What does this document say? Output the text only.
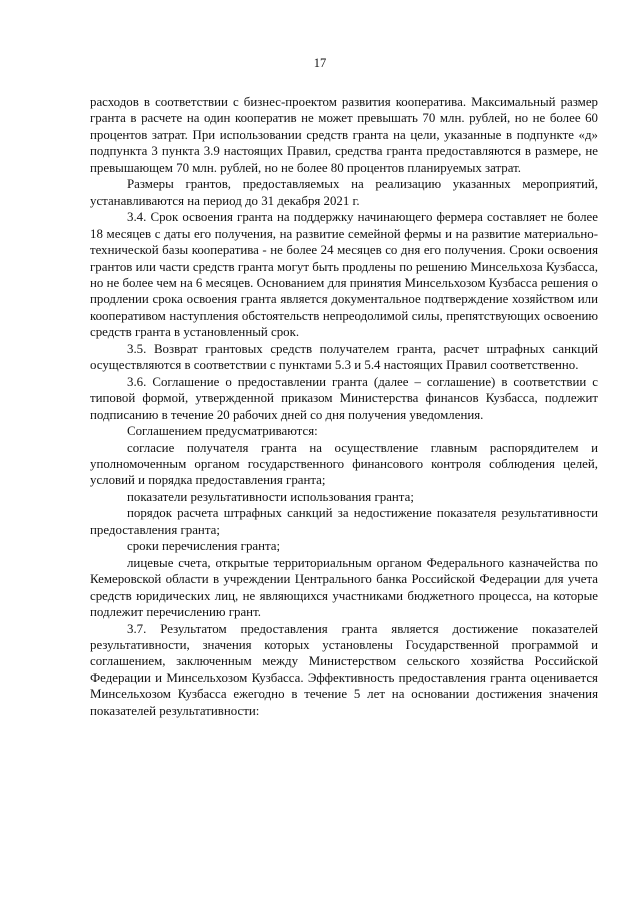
17

расходов в соответствии с бизнес-проектом развития кооператива. Максимальный размер гранта в расчете на один кооператив не может превышать 70 млн. рублей, но не более 60 процентов затрат. При использовании средств гранта на цели, указанные в подпункте «д» подпункта 3 пункта 3.9 настоящих Правил, средства гранта предоставляются в размере, не превышающем 70 млн. рублей, но не более 80 процентов планируемых затрат.

Размеры грантов, предоставляемых на реализацию указанных мероприятий, устанавливаются на период до 31 декабря 2021 г.

3.4. Срок освоения гранта на поддержку начинающего фермера составляет не более 18 месяцев с даты его получения, на развитие семейной фермы и на развитие материально-технической базы кооператива - не более 24 месяцев со дня его получения. Сроки освоения грантов или части средств гранта могут быть продлены по решению Минсельхоза Кузбасса, но не более чем на 6 месяцев. Основанием для принятия Минсельхозом Кузбасса решения о продлении срока освоения гранта является документальное подтверждение хозяйством или кооперативом наступления обстоятельств непреодолимой силы, препятствующих освоению средств гранта в установленный срок.

3.5. Возврат грантовых средств получателем гранта, расчет штрафных санкций осуществляются в соответствии с пунктами 5.3 и 5.4 настоящих Правил соответственно.

3.6. Соглашение о предоставлении гранта (далее – соглашение) в соответствии с типовой формой, утвержденной приказом Министерства финансов Кузбасса, подлежит подписанию в течение 20 рабочих дней со дня получения уведомления.

Соглашением предусматриваются:

согласие получателя гранта на осуществление главным распорядителем и уполномоченным органом государственного финансового контроля соблюдения целей, условий и порядка предоставления гранта;

показатели результативности использования гранта;

порядок расчета штрафных санкций за недостижение показателя результативности предоставления гранта;

сроки перечисления гранта;

лицевые счета, открытые территориальным органом Федерального казначейства по Кемеровской области в учреждении Центрального банка Российской Федерации для учета средств юридических лиц, не являющихся участниками бюджетного процесса, на которые подлежит перечислению грант.

3.7. Результатом предоставления гранта является достижение показателей результативности, значения которых установлены Государственной программой и соглашением, заключенным между Министерством сельского хозяйства Российской Федерации и Минсельхозом Кузбасса. Эффективность предоставления гранта оценивается Минсельхозом Кузбасса ежегодно в течение 5 лет на основании достижения значения показателей результативности:
